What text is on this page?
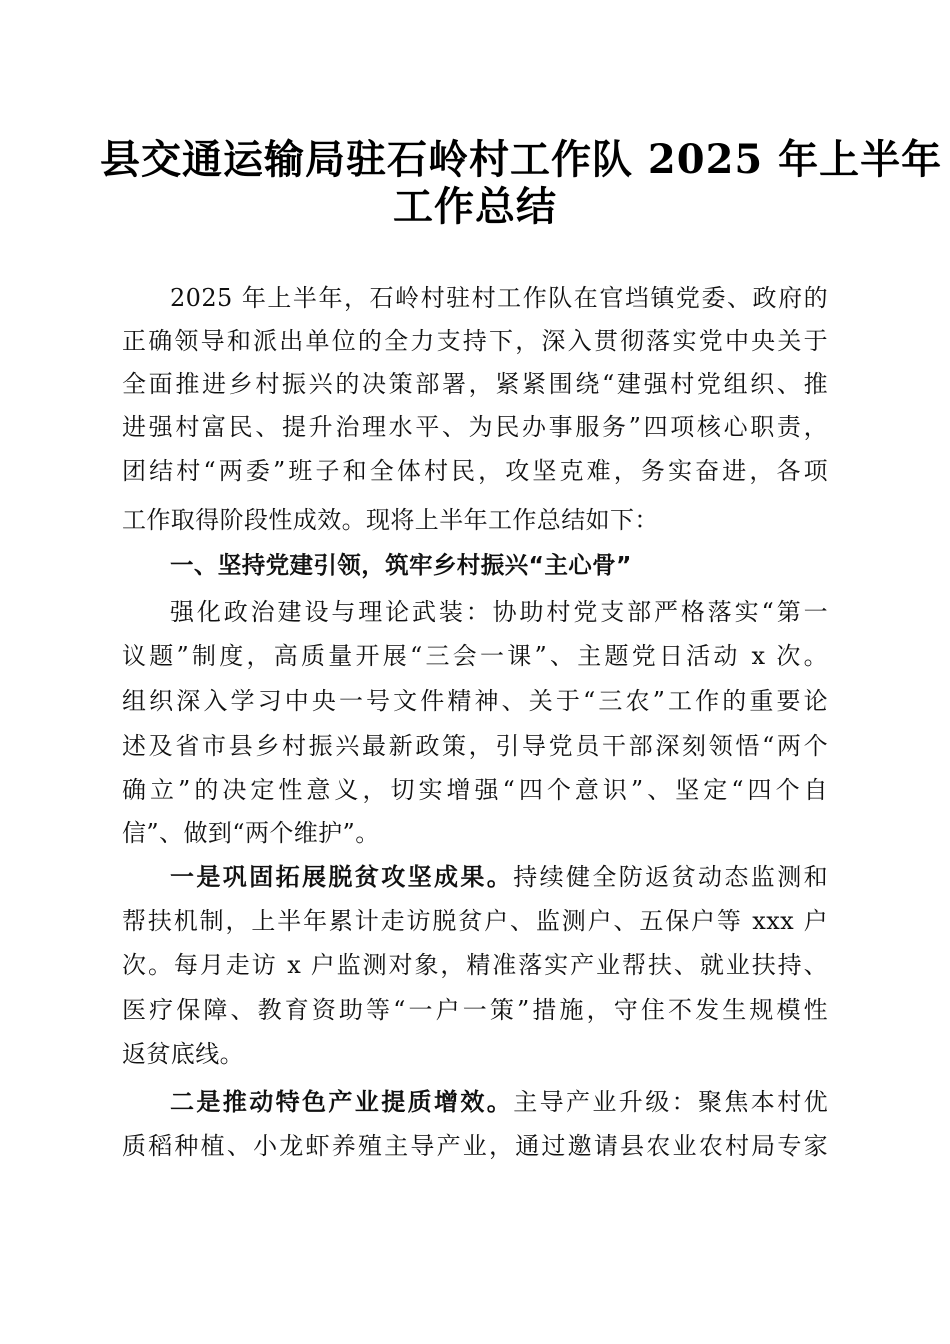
县交通运输局驻石岭村工作队 2025 年上半年
工作总结
2025 年上半年，石岭村驻村工作队在官垱镇党委、政府的
正确领导和派出单位的全力支持下，深入贯彻落实党中央关于
全面推进乡村振兴的决策部署，紧紧围绕“建强村党组织、推
进强村富民、提升治理水平、为民办事服务”四项核心职责，
团结村“两委”班子和全体村民，攻坚克难，务实奋进，各项
工作取得阶段性成效。现将上半年工作总结如下：
一、坚持党建引领，筑牢乡村振兴“主心骨”
强化政治建设与理论武装：协助村党支部严格落实“第一
议题”制度，高质量开展“三会一课”、主题党日活动 x 次。
组织深入学习中央一号文件精神、关于“三农”工作的重要论
述及省市县乡村振兴最新政策，引导党员干部深刻领悟“两个
确立”的决定性意义，切实增强“四个意识”、坚定“四个自
信”、做到“两个维护”。
一是巩固拓展脱贫攻坚成果。持续健全防返贫动态监测和
帮扶机制，上半年累计走访脱贫户、监测户、五保户等 xxx 户
次。每月走访 x 户监测对象，精准落实产业帮扶、就业扶持、
医疗保障、教育资助等“一户一策”措施，守住不发生规模性
返贫底线。
二是推动特色产业提质增效。主导产业升级：聚焦本村优
质稻种植、小龙虾养殖主导产业，通过邀请县农业农村局专家
